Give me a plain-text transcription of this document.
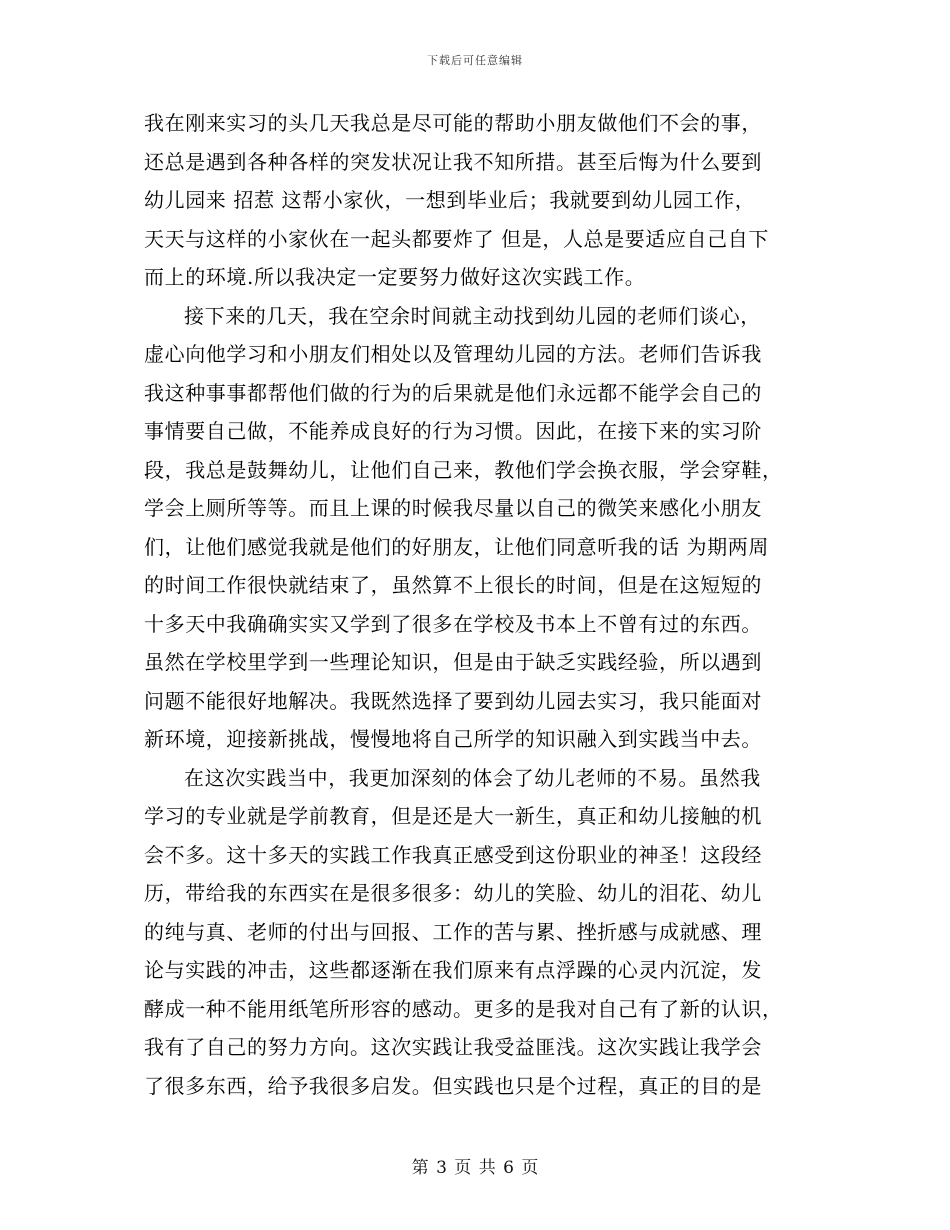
下载后可任意编辑
我在刚来实习的头几天我总是尽可能的帮助小朋友做他们不会的事，
还总是遇到各种各样的突发状况让我不知所措。甚至后悔为什么要到
幼儿园来 招惹 这帮小家伙，一想到毕业后；我就要到幼儿园工作，
天天与这样的小家伙在一起头都要炸了 但是，人总是要适应自己自下
而上的环境.所以我决定一定要努力做好这次实践工作。
接下来的几天，我在空余时间就主动找到幼儿园的老师们谈心，
虚心向他学习和小朋友们相处以及管理幼儿园的方法。老师们告诉我
我这种事事都帮他们做的行为的后果就是他们永远都不能学会自己的
事情要自己做，不能养成良好的行为习惯。因此，在接下来的实习阶
段，我总是鼓舞幼儿，让他们自己来，教他们学会换衣服，学会穿鞋，
学会上厕所等等。而且上课的时候我尽量以自己的微笑来感化小朋友
们，让他们感觉我就是他们的好朋友，让他们同意听我的话 为期两周
的时间工作很快就结束了，虽然算不上很长的时间，但是在这短短的
十多天中我确确实实又学到了很多在学校及书本上不曾有过的东西。
虽然在学校里学到一些理论知识，但是由于缺乏实践经验，所以遇到
问题不能很好地解决。我既然选择了要到幼儿园去实习，我只能面对
新环境，迎接新挑战，慢慢地将自己所学的知识融入到实践当中去。
在这次实践当中，我更加深刻的体会了幼儿老师的不易。虽然我
学习的专业就是学前教育，但是还是大一新生，真正和幼儿接触的机
会不多。这十多天的实践工作我真正感受到这份职业的神圣！这段经
历，带给我的东西实在是很多很多：幼儿的笑脸、幼儿的泪花、幼儿
的纯与真、老师的付出与回报、工作的苦与累、挫折感与成就感、理
论与实践的冲击，这些都逐渐在我们原来有点浮躁的心灵内沉淀，发
酵成一种不能用纸笔所形容的感动。更多的是我对自己有了新的认识，
我有了自己的努力方向。这次实践让我受益匪浅。这次实践让我学会
了很多东西，给予我很多启发。但实践也只是个过程，真正的目的是
第 3 页 共 6 页
